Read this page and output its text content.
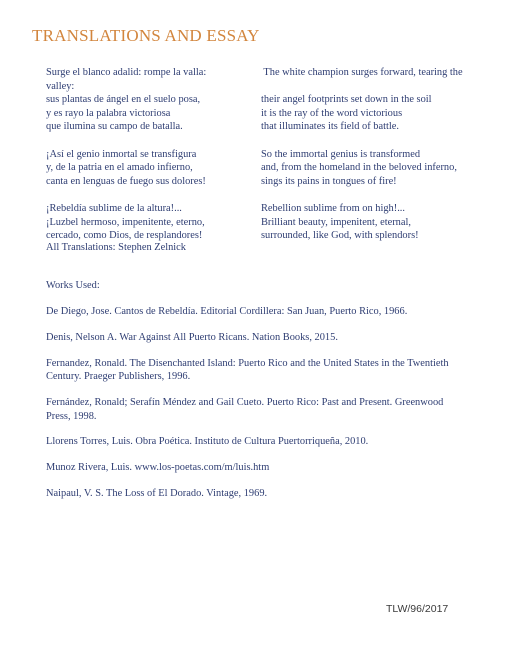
TRANSLATIONS AND ESSAY
Surge el blanco adalid: rompe la valla:
valley:
sus plantas de ángel en el suelo posa,
y es rayo la palabra victoriosa
que ilumina su campo de batalla.
¡Así el genio inmortal se transfigura
y, de la patria en el amado infierno,
canta en lenguas de fuego sus dolores!
¡Rebeldía sublime de la altura!...
¡Luzbel hermoso, impenitente, eterno,
cercado, como Dios, de resplandores!
The white champion surges forward, tearing the

their angel footprints set down in the soil
it is the ray of the word victorious
that illuminates its field of battle.
So the immortal genius is transformed
and, from the homeland in the beloved inferno,
sings its pains in tongues of fire!
Rebellion sublime from on high!...
Brilliant beauty, impenitent, eternal,
surrounded, like God, with splendors!
All Translations: Stephen Zelnick
Works Used:
De Diego, Jose. Cantos de Rebeldía. Editorial Cordillera: San Juan, Puerto Rico, 1966.
Denis, Nelson A. War Against All Puerto Ricans. Nation Books, 2015.
Fernandez, Ronald. The Disenchanted Island: Puerto Rico and the United States in the Twentieth Century. Praeger Publishers, 1996.
Fernández, Ronald; Serafín Méndez and Gail Cueto. Puerto Rico: Past and Present. Greenwood Press, 1998.
Llorens Torres, Luis. Obra Poética. Instituto de Cultura Puertorriqueña, 2010.
Munoz Rivera, Luis. www.los-poetas.com/m/luis.htm
Naipaul, V. S. The Loss of El Dorado. Vintage, 1969.
TLW/96/2017
